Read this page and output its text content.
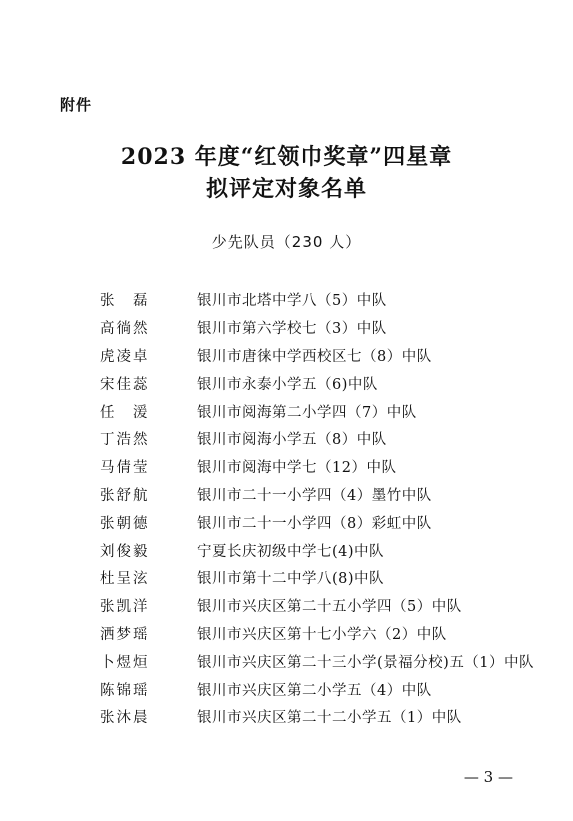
附件
2023 年度“红领巾奖章”四星章
拟评定对象名单
少先队员（230 人）
张　磊	银川市北塔中学八（5）中队
高徜然	银川市第六学校七（3）中队
虎凌卓	银川市唐徕中学西校区七（8）中队
宋佳蕊	银川市永泰小学五（6)中队
任　湲	银川市阅海第二小学四（7）中队
丁浩然	银川市阅海小学五（8）中队
马倩莹	银川市阅海中学七（12）中队
张舒航	银川市二十一小学四（4）墨竹中队
张朝德	银川市二十一小学四（8）彩虹中队
刘俊毅	宁夏长庆初级中学七(4)中队
杜呈泫	银川市第十二中学八(8)中队
张凯洋	银川市兴庆区第二十五小学四（5）中队
洒梦瑶	银川市兴庆区第十七小学六（2）中队
卜煜烜	银川市兴庆区第二十三小学(景福分校)五（1）中队
陈锦瑶	银川市兴庆区第二小学五（4）中队
张沐晨	银川市兴庆区第二十二小学五（1）中队
— 3 —
